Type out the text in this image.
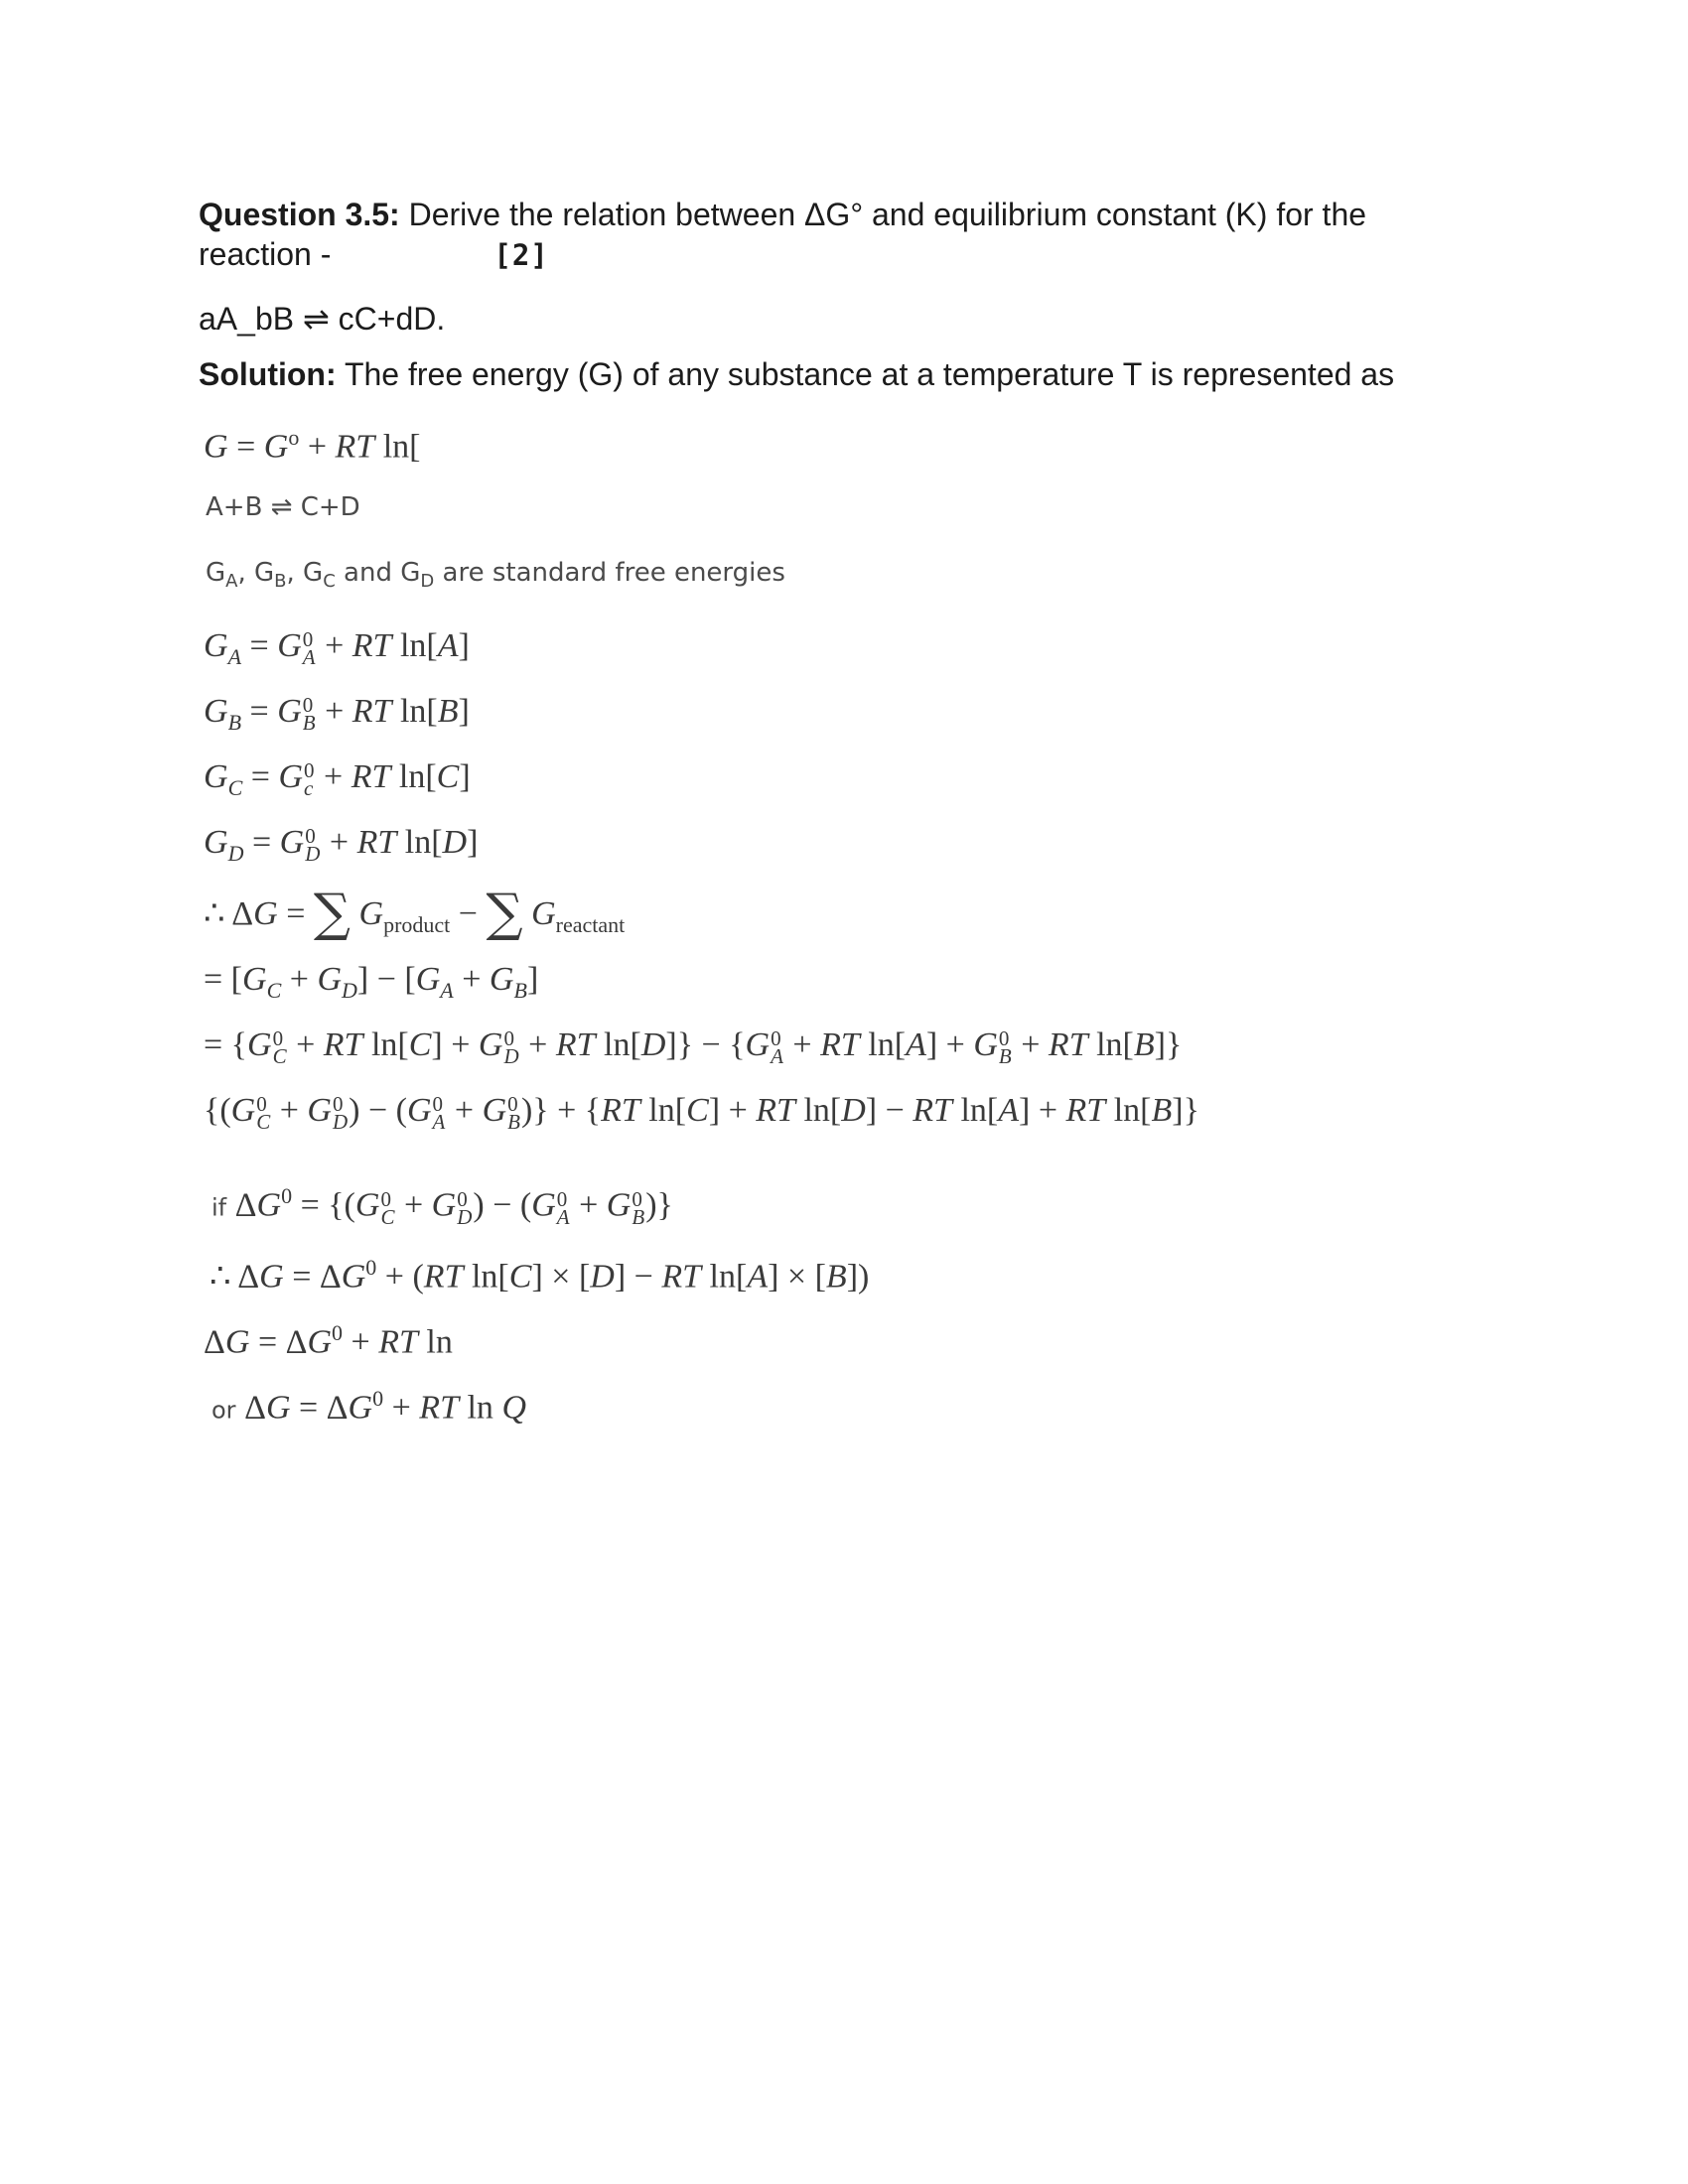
Question 3.5: Derive the relation between ΔG° and equilibrium constant (K) for the
reaction -	[2]
aA_bB ⇌ cC+dD.
Solution: The free energy (G) of any substance at a temperature T is represented as
$G = G^o$ + RT ln[
A+B ⇌ C+D
$G_A$, $G_B$, $G_C$ and $G_D$ are standard free energies
$G_A = G$ 0
A + RT ln[A]
$G_B = G$ 0
B + RT ln[B]
$G_C = G$ 0
c + RT ln[C]
$G_D = G$ 0
D + RT ln[D]
∴ ΔG = ∑ $G_{product}$ − ∑ $G_{reactant}$
= $[G_C + G_D] - [G_A + G_B]$
= {G 0
C + RT ln[C] + G 0
D + RT ln[D]} − {G 0
A + RT ln[A] + G 0
B + RT ln[B]}
{(G 0
C + G 0
D ) − (G 0
A + G 0
B )} + {RT ln[C] + RT ln[D] − RT ln[A] + RT ln[B]}
if $\Delta G^0 = \{(G$ 0
C + G 0
D ) − (G 0
A + G 0
B )}
∴ $\Delta G = \Delta G^0 + (RT$ ln[C] × [D] − RT ln[A] × [B])
$\Delta G = \Delta G^0$ + RT ln
or $\Delta G = \Delta G^0$ + RT ln Q
